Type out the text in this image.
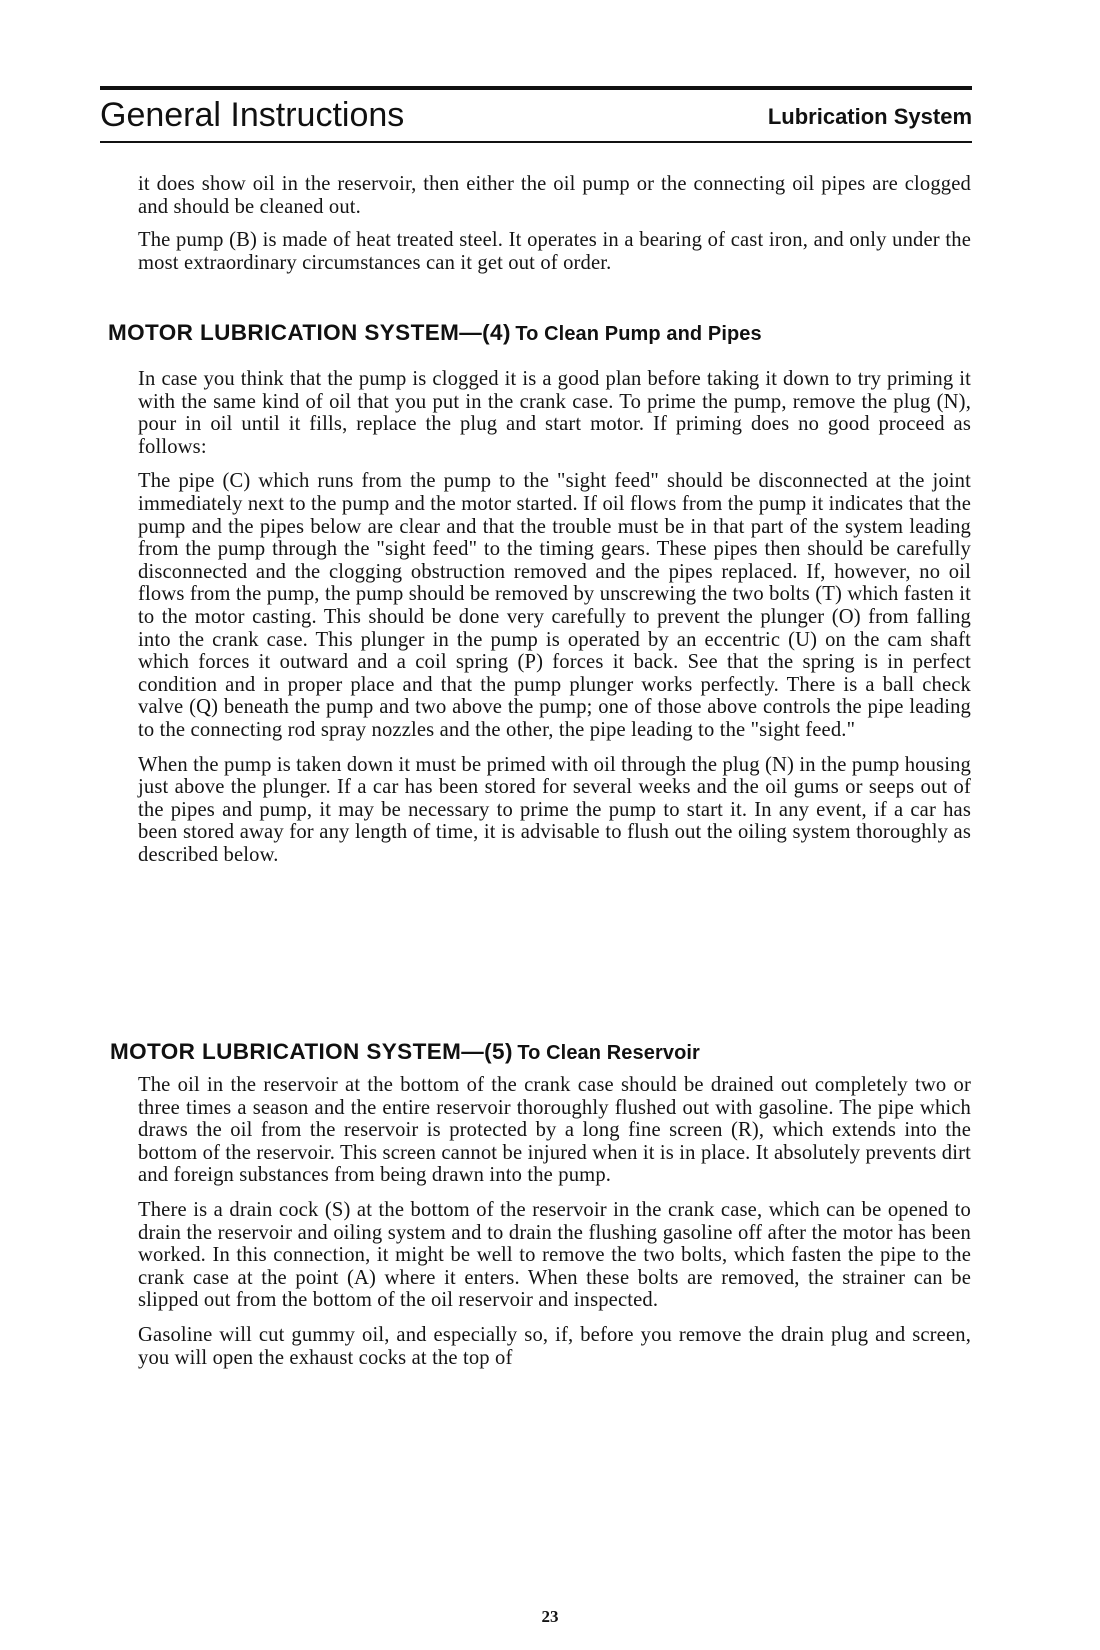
General Instructions	Lubrication System

it does show oil in the reservoir, then either the oil pump or the connecting oil pipes are clogged and should be cleaned out.

The pump (B) is made of heat treated steel. It operates in a bearing of cast iron, and only under the most extraordinary circumstances can it get out of order.

MOTOR LUBRICATION SYSTEM—(4) To Clean Pump and Pipes

In case you think that the pump is clogged it is a good plan before taking it down to try priming it with the same kind of oil that you put in the crank case. To prime the pump, remove the plug (N), pour in oil until it fills, replace the plug and start motor. If priming does no good proceed as follows:

The pipe (C) which runs from the pump to the "sight feed" should be disconnected at the joint immediately next to the pump and the motor started. If oil flows from the pump it indicates that the pump and the pipes below are clear and that the trouble must be in that part of the system leading from the pump through the "sight feed" to the timing gears. These pipes then should be carefully disconnected and the clogging obstruction removed and the pipes replaced. If, however, no oil flows from the pump, the pump should be removed by unscrewing the two bolts (T) which fasten it to the motor casting. This should be done very carefully to prevent the plunger (O) from falling into the crank case. This plunger in the pump is operated by an eccentric (U) on the cam shaft which forces it outward and a coil spring (P) forces it back. See that the spring is in perfect condition and in proper place and that the pump plunger works perfectly. There is a ball check valve (Q) beneath the pump and two above the pump; one of those above controls the pipe leading to the connecting rod spray nozzles and the other, the pipe leading to the "sight feed."

When the pump is taken down it must be primed with oil through the plug (N) in the pump housing just above the plunger. If a car has been stored for several weeks and the oil gums or seeps out of the pipes and pump, it may be necessary to prime the pump to start it. In any event, if a car has been stored away for any length of time, it is advisable to flush out the oiling system thoroughly as described below.

MOTOR LUBRICATION SYSTEM—(5) To Clean Reservoir

The oil in the reservoir at the bottom of the crank case should be drained out completely two or three times a season and the entire reservoir thoroughly flushed out with gasoline. The pipe which draws the oil from the reservoir is protected by a long fine screen (R), which extends into the bottom of the reservoir. This screen cannot be injured when it is in place. It absolutely prevents dirt and foreign substances from being drawn into the pump.

There is a drain cock (S) at the bottom of the reservoir in the crank case, which can be opened to drain the reservoir and oiling system and to drain the flushing gasoline off after the motor has been worked. In this connection, it might be well to remove the two bolts, which fasten the pipe to the crank case at the point (A) where it enters. When these bolts are removed, the strainer can be slipped out from the bottom of the oil reservoir and inspected.

Gasoline will cut gummy oil, and especially so, if, before you remove the drain plug and screen, you will open the exhaust cocks at the top of

23
